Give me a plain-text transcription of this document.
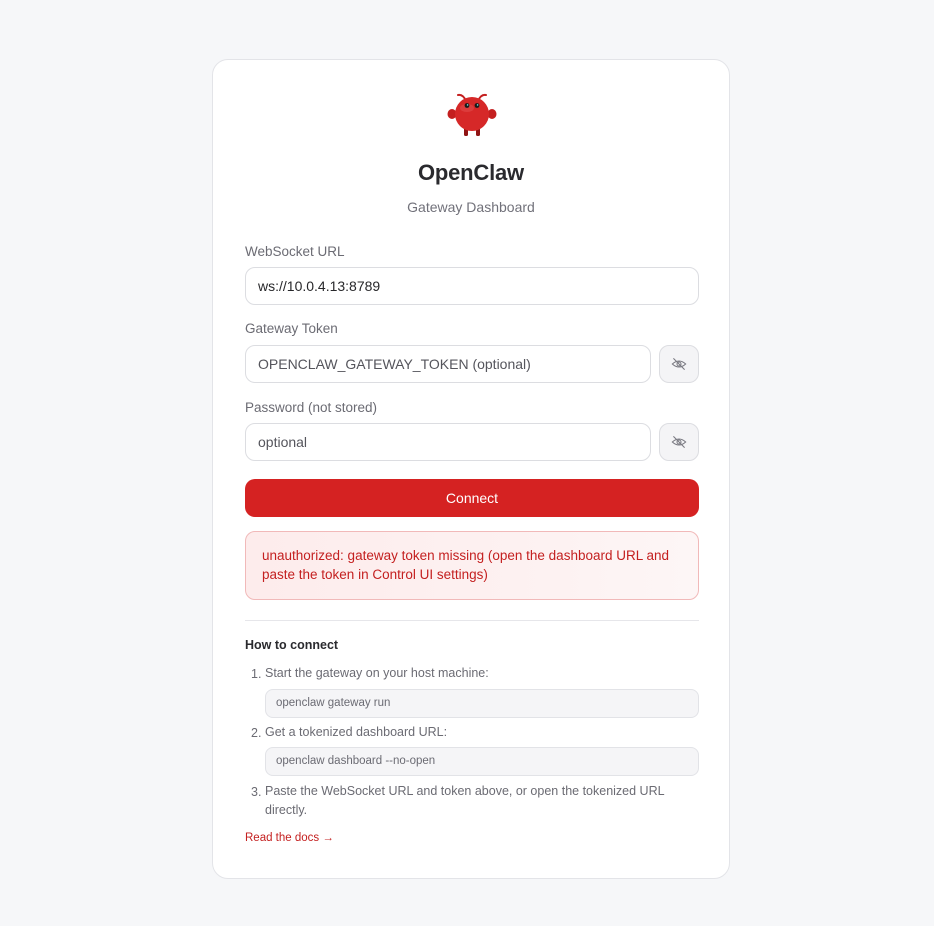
OpenClaw
Gateway Dashboard
WebSocket URL
ws://10.0.4.13:8789
Gateway Token
Password (not stored)
Connect
unauthorized: gateway token missing (open the dashboard URL and
paste the token in Control UI settings)
How to connect
1. Start the gateway on your host machine:
openclaw gateway run
2. Get a tokenized dashboard URL:
openclaw dashboard --no-open
3. Paste the WebSocket URL and token above, or open the tokenized URL
directly.
Read the docs →
